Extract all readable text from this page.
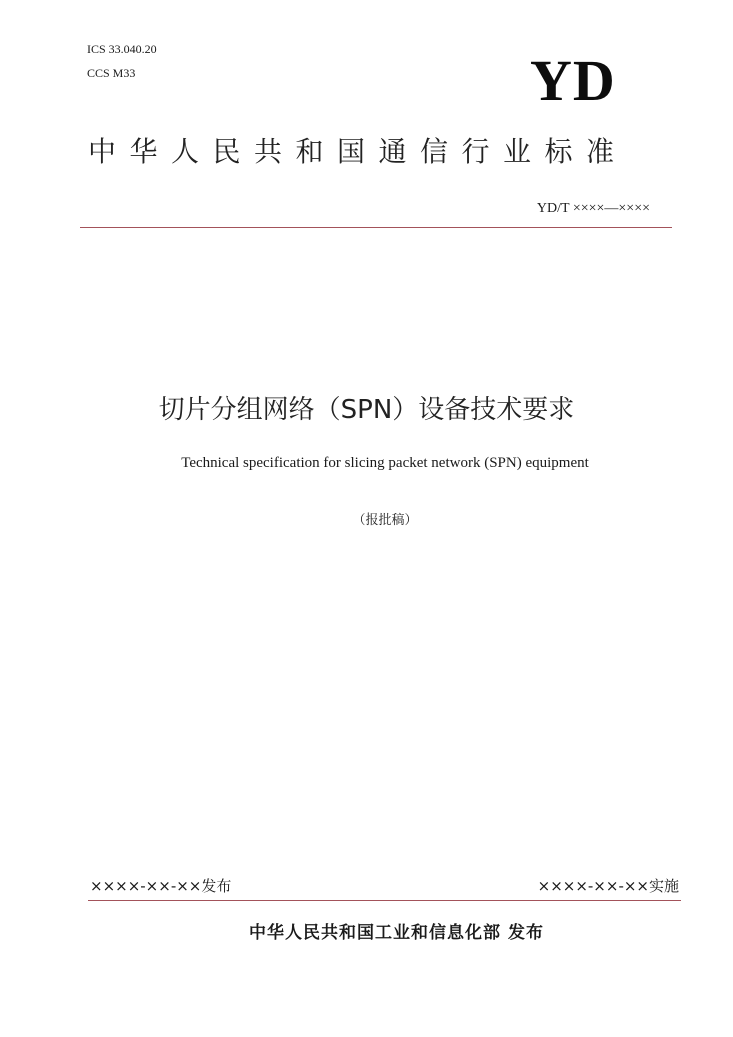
ICS 33.040.20
CCS M33	YD
中华人民共和国通信行业标准
YD/T ××××—××××
切片分组网络（SPN）设备技术要求
Technical specification for slicing packet network (SPN) equipment
（报批稿）
××××-××-××发布	××××-××-××实施
中华人民共和国工业和信息化部 发布
